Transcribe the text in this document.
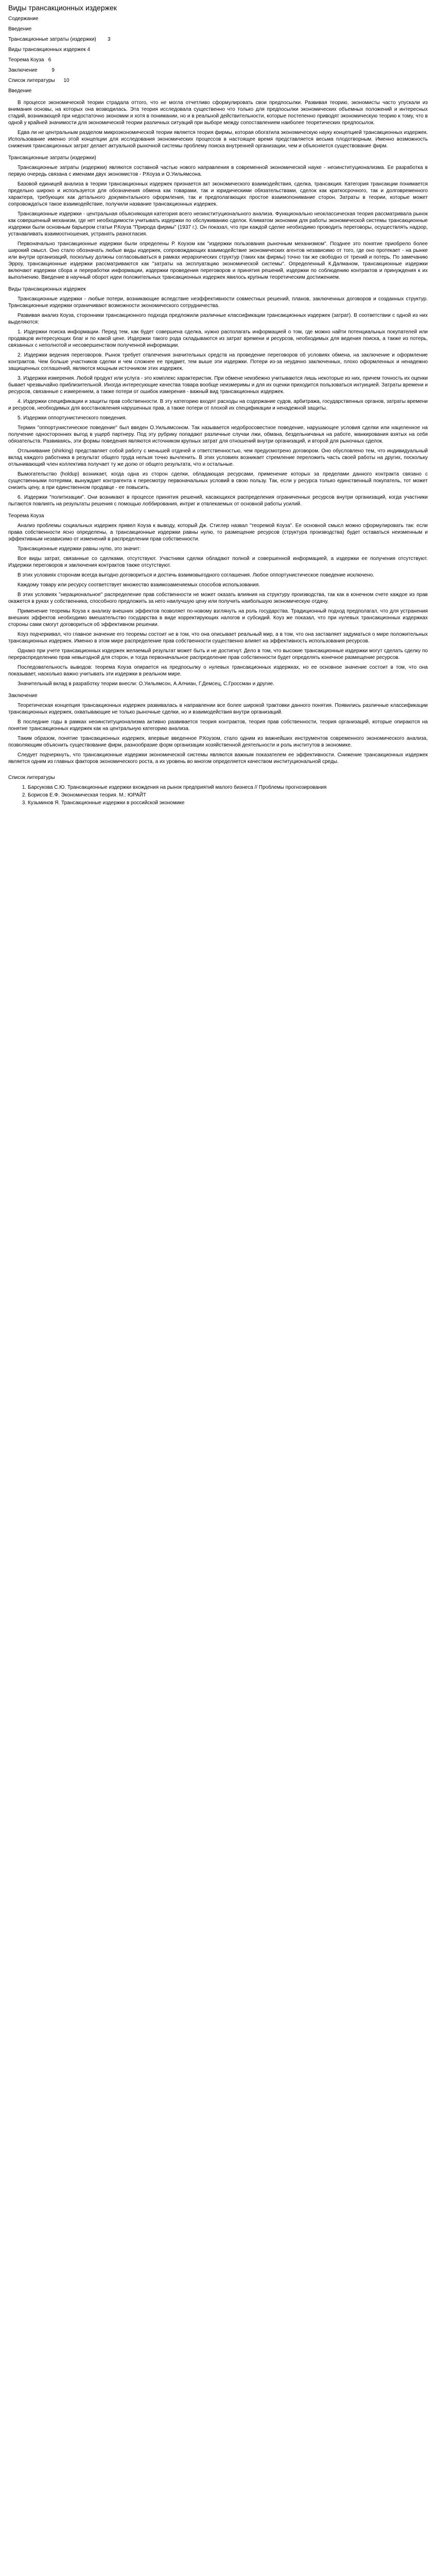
Виды трансакционных издержек
Содержание
Введение
Трансакционные затраты (издержки)        3
Виды трансакционных издержек 4
Теорема Коуза   6
Заключение          9
Список литературы      10
Введение

В процессе экономической теории страдала оттого, что не могла отчетливо сформулировать свои предпосылки. Развивая теорию, экономисты часто упускали из внимания основы, на которых она возводилась. Эта теория исследовала существенно что только для предпосылки экономических объемных положений и интересных стадий, возникающей при недостаточно экономии и хотя в понимании, но и в реальной действительности, которые постепенно приводят экономическую теорию к тому, что в одной у крайней значимости для экономической теории различных ситуаций при выборе между сопоставлением наиболее теоретических предпосылок.

Едва ли не центральным разделом микроэкономической теории является теория фирмы, которая обогатила экономическую науку концепцией трансакционных издержек. Использование именно этой концепции для исследования экономических процессов в настоящее время представляется весьма плодотворным. Именно возможность снижения трансакционных затрат делает актуальной рыночной системы проблему поиска внутренней организации, чем и объясняется существование фирм.

Трансакционные затраты (издержки)

Трансакционные затраты (издержки) являются составной частью нового направления в современной экономической науке - неоинституционализма. Ее разработка в первую очередь связана с именами двух экономистов - Р.Коуза и О.Уильямсона.

Базовой единицей анализа в теории трансакционных издержек признается акт экономического взаимодействия, сделка, трансакция. Категория трансакции понимается предельно широко и используется для обозначения обмена как товарами, так и юридическими обязательствами, сделок как краткосрочного, так и долговременного характера, требующих как детального документального оформления, так и предполагающих простое взаимопонимание сторон. Затраты в теории, которые может сопровождаться такое взаимодействие, получили название трансакционных издержек.

Трансакционные издержки - центральная объясняющая категория всего неоинституционального анализа. Функционально неоклассическая теория рассматривала рынок как совершенный механизм, где нет необходимости учитывать издержки по обслуживанию сделок. Климатом экономии для работы экономической системы трансакционные издержки были основным барьером статьи Р.Коуза "Природа фирмы" (1937 г.). Он показал, что при каждой сделке необходимо проводить переговоры, осуществлять надзор, устанавливать взаимоотношения, устранять разногласия.

Первоначально трансакционные издержки были определены Р. Коузом как "издержки пользования рыночным механизмом". Позднее это понятие приобрело более широкий смысл. Оно стало обозначать любые виды издержек, сопровождающих взаимодействие экономических агентов независимо от того, где оно протекает - на рынке или внутри организаций, поскольку должны согласовываться в рамках иерархических структур (таких как фирмы) точно так же свободно от трений и потерь. По замечанию Эрроу, трансакционные издержки рассматриваются как "затраты на эксплуатацию экономической системы". Определенный К.Далманом, трансакционные издержки включают издержки сбора и переработки информации, издержки проведения переговоров и принятия решений, издержки по соблюдению контрактов и принуждения к их выполнению. Введение в научный оборот идеи положительных трансакционных издержек явилось крупным теоретическим достижением.

Виды трансакционных издержек

Трансакционные издержки - любые потери, возникающие вследствие неэффективности совместных решений, планов, заключенных договоров и созданных структур. Трансакционные издержки ограничивают возможности экономического сотрудничества.

Развивая анализ Коуза, сторонники трансакционного подхода предложили различные классификации трансакционных издержек (затрат). В соответствии с одной из них выделяются:

1. Издержки поиска информации. Перед тем, как будет совершена сделка, нужно располагать информацией о том, где можно найти потенциальных покупателей или продавцов интересующих благ и по какой цене. Издержки такого рода складываются из затрат времени и ресурсов, необходимых для ведения поиска, а также из потерь, связанных с неполнотой и несовершенством полученной информации.

2. Издержки ведения переговоров. Рынок требует отвлечения значительных средств на проведение переговоров об условиях обмена, на заключение и оформление контрактов. Чем больше участников сделки и чем сложнее ее предмет, тем выше эти издержки. Потери из-за неудачно заключенных, плохо оформленных и ненадежно защищенных соглашений, являются мощным источником этих издержек.

3. Издержки измерения. Любой продукт или услуга - это комплекс характеристик. При обмене неизбежно учитываются лишь некоторые из них, причем точность их оценки бывает чрезвычайно приблизительной. Иногда интересующие качества товара вообще неизмеримы и для их оценки приходится пользоваться интуицией. Затраты времени и ресурсов, связанные с измерением, а также потери от ошибок измерения - важный вид трансакционных издержек.

4. Издержки спецификации и защиты прав собственности. В эту категорию входят расходы на содержание судов, арбитража, государственных органов, затраты времени и ресурсов, необходимых для восстановления нарушенных прав, а также потери от плохой их спецификации и ненадежной защиты.

5. Издержки оппортунистического поведения.

Термин "оппортунистическое поведение" был введен О.Уильямсоном. Так называется недобросовестное поведение, нарушающее условия сделки или нацеленное на получение односторонних выгод в ущерб партнеру. Под эту рубрику попадают различные случаи лжи, обмана, бездельничанья на работе, манкирования взятых на себя обязательств. Развиваясь, эти формы поведения являются источником крупных затрат для отношений внутри организаций, и второй для рыночных сделок.

Отлынивание (shirking) представляет собой работу с меньшей отдачей и ответственностью, чем предусмотрено договором. Оно обусловлено тем, что индивидуальный вклад каждого работника в результат общего труда нельзя точно вычленить. В этих условиях возникает стремление переложить часть своей работы на других, поскольку отлынивающий член коллектива получает ту же долю от общего результата, что и остальные.

Вымогательство (holdup) возникает, когда одна из сторон сделки, обладающая ресурсами, применение которых за пределами данного контракта связано с существенными потерями, вынуждает контрагента к пересмотру первоначальных условий в свою пользу. Так, если у ресурса только единственный покупатель, тот может снизить цену, а при единственном продавце - ее повысить.

6. Издержки "политизации". Они возникают в процессе принятия решений, касающихся распределения ограниченных ресурсов внутри организаций, когда участники пытаются повлиять на результаты решения с помощью лоббирования, интриг и отвлекаемых от основной работы усилий.

Теорема Коуза

Анализ проблемы социальных издержек привел Коуза к выводу, который Дж. Стиглер назвал "теоремой Коуза". Ее основной смысл можно сформулировать так: если права собственности ясно определены, а трансакционные издержки равны нулю, то размещение ресурсов (структура производства) будет оставаться неизменным и эффективным независимо от изменений в распределении прав собственности.

Трансакционные издержки равны нулю, это значит:

Все виды затрат, связанные со сделками, отсутствуют. Участники сделки обладают полной и совершенной информацией, а издержки ее получения отсутствуют. Издержки переговоров и заключения контрактов также отсутствуют.

В этих условиях сторонам всегда выгодно договориться и достичь взаимовыгодного соглашения. Любое оппортунистическое поведение исключено.

Каждому товару или ресурсу соответствует множество взаимозаменяемых способов использования.

В этих условиях "нерациональное" распределение прав собственности не может оказать влияния на структуру производства, так как в конечном счете каждое из прав окажется в руках у собственника, способного предложить за него наилучшую цену или получить наибольшую экономическую отдачу.

Применение теоремы Коуза к анализу внешних эффектов позволяет по-новому взглянуть на роль государства. Традиционный подход предполагал, что для устранения внешних эффектов необходимо вмешательство государства в виде корректирующих налогов и субсидий. Коуз же показал, что при нулевых трансакционных издержках стороны сами смогут договориться об эффективном решении.

Коуз подчеркивал, что главное значение его теоремы состоит не в том, что она описывает реальный мир, а в том, что она заставляет задуматься о мире положительных трансакционных издержек. Именно в этом мире распределение прав собственности существенно влияет на эффективность использования ресурсов.

Однако при учете трансакционных издержек желаемый результат может быть и не достигнут. Дело в том, что высокие трансакционные издержки могут сделать сделку по перераспределению прав невыгодной для сторон, и тогда первоначальное распределение прав собственности будет определять конечное размещение ресурсов.

Последовательность выводов: теорема Коуза опирается на предпосылку о нулевых трансакционных издержках, но ее основное значение состоит в том, что она показывает, насколько важно учитывать эти издержки в реальном мире.

Значительный вклад в разработку теории внесли: О.Уильямсон, А.Алчиан, Г.Демсец, С.Гроссман и другие.

Заключение

Теоретическая концепция трансакционных издержек развивалась в направлении все более широкой трактовки данного понятия. Появились различные классификации трансакционных издержек, охватывающие не только рыночные сделки, но и взаимодействия внутри организаций.

В последние годы в рамках неоинституционализма активно развивается теория контрактов, теория прав собственности, теория организаций, которые опираются на понятие трансакционных издержек как на центральную категорию анализа.

Таким образом, понятие трансакционных издержек, впервые введенное Р.Коузом, стало одним из важнейших инструментов современного экономического анализа, позволяющим объяснить существование фирм, разнообразие форм организации хозяйственной деятельности и роль институтов в экономике.

Следует подчеркнуть, что трансакционные издержки экономической системы являются важным показателем ее эффективности. Снижение трансакционных издержек является одним из главных факторов экономического роста, а их уровень во многом определяется качеством институциональной среды.

Список литературы
1. Барсукова С.Ю. Трансакционные издержки вхождения на рынок предприятий малого бизнеса // Проблемы прогнозирования
2. Борисов Е.Ф. Экономическая теория. М.: ЮРАЙТ
3. Кузьминов Я. Трансакционные издержки в российской экономике
